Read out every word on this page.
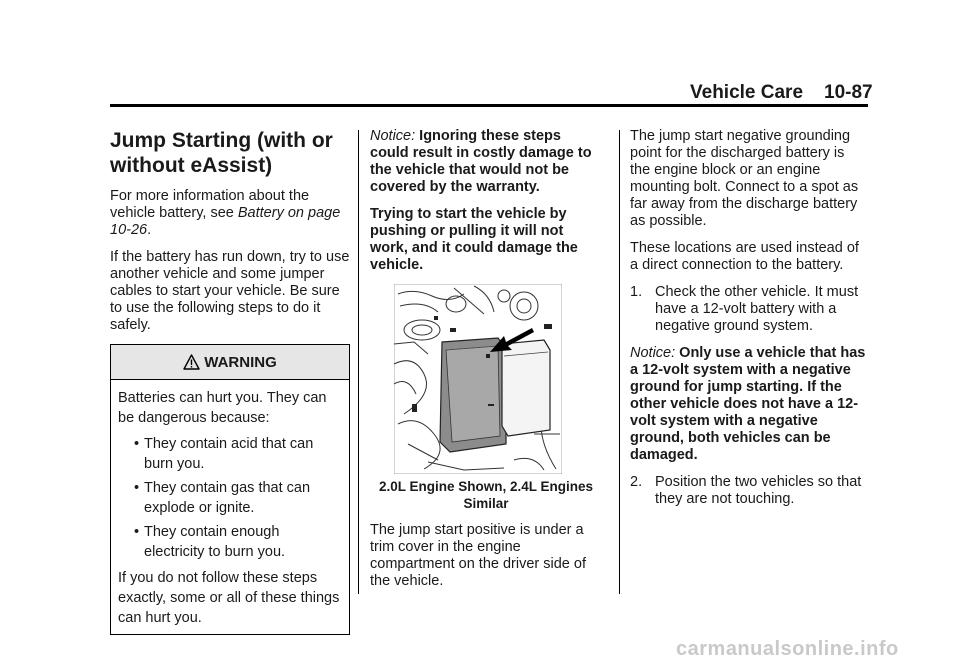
Vehicle Care 10-87
Jump Starting (with or without eAssist)

For more information about the vehicle battery, see Battery on page 10-26.

If the battery has run down, try to use another vehicle and some jumper cables to start your vehicle. Be sure to use the following steps to do it safely.

WARNING

Batteries can hurt you. They can be dangerous because:

• They contain acid that can burn you.
• They contain gas that can explode or ignite.
• They contain enough electricity to burn you.

If you do not follow these steps exactly, some or all of these things can hurt you.

Notice: Ignoring these steps could result in costly damage to the vehicle that would not be covered by the warranty.

Trying to start the vehicle by pushing or pulling it will not work, and it could damage the vehicle.

2.0L Engine Shown, 2.4L Engines Similar

The jump start positive is under a trim cover in the engine compartment on the driver side of the vehicle.

The jump start negative grounding point for the discharged battery is the engine block or an engine mounting bolt. Connect to a spot as far away from the discharge battery as possible.

These locations are used instead of a direct connection to the battery.

1. Check the other vehicle. It must have a 12-volt battery with a negative ground system.

Notice: Only use a vehicle that has a 12-volt system with a negative ground for jump starting. If the other vehicle does not have a 12-volt system with a negative ground, both vehicles can be damaged.

2. Position the two vehicles so that they are not touching.

carmanualsonline.info
